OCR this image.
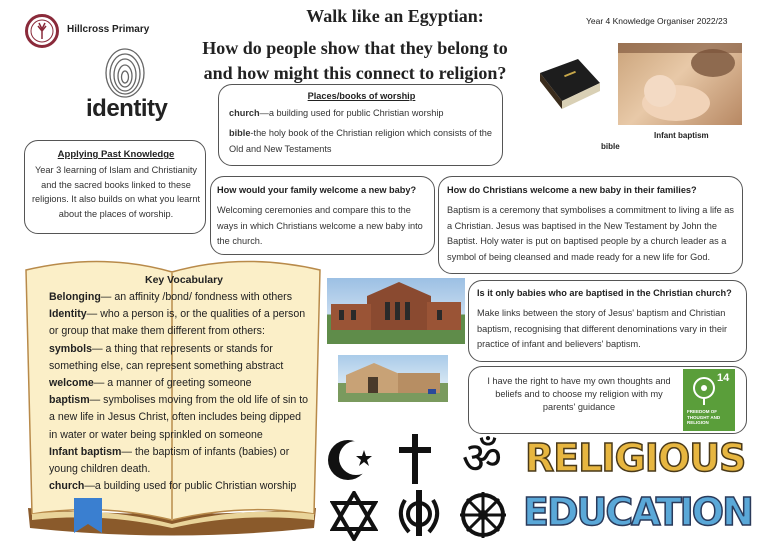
Hillcross Primary
Walk like an Egyptian:
How do people show that they belong to
and how might this connect to religion?
Year 4 Knowledge Organiser 2022/23
identity	Places/books of worship
church—a building used for public Christian worship
bible-the holy book of the Christian religion which consists of the Old and New Testaments	bible
Infant baptism
Applying Past Knowledge
Year 3 learning of Islam and Christianity and the sacred books linked to these religions. It also builds on what you learnt about the places of worship.
How would your family welcome a new baby?
Welcoming ceremonies and compare this to the ways in which Christians welcome a new baby into the church.
How do Christians welcome a new baby in their families?
Baptism is a ceremony that symbolises a commitment to living a life as a Christian. Jesus was baptised in the New Testament by John the Baptist. Holy water is put on baptised people by a church leader as a symbol of being cleansed and made ready for a new life for God.
Key Vocabulary
Belonging— an affinity /bond/ fondness with others
Identity— who a person is, or the qualities of a person or group that make them different from others:
symbols— a thing that represents or stands for something else, can represent something abstract
welcome— a manner of greeting someone
baptism— symbolises moving from the old life of sin to a new life in Jesus Christ, often includes being dipped in water or water being sprinkled on someone
Infant baptism— the baptism of infants (babies) or young children death.
church—a building used for public Christian worship
Is it only babies who are baptised in the Christian church?
Make links between the story of Jesus' baptism and Christian baptism, recognising that different denominations vary in their practice of infant and believers' baptism.
I have the right to have my own thoughts and beliefs and to choose my religion with my parents' guidance
14
FREEDOM OF THOUGHT AND RELIGION
ॐ RELIGIOUS
EDUCATION
